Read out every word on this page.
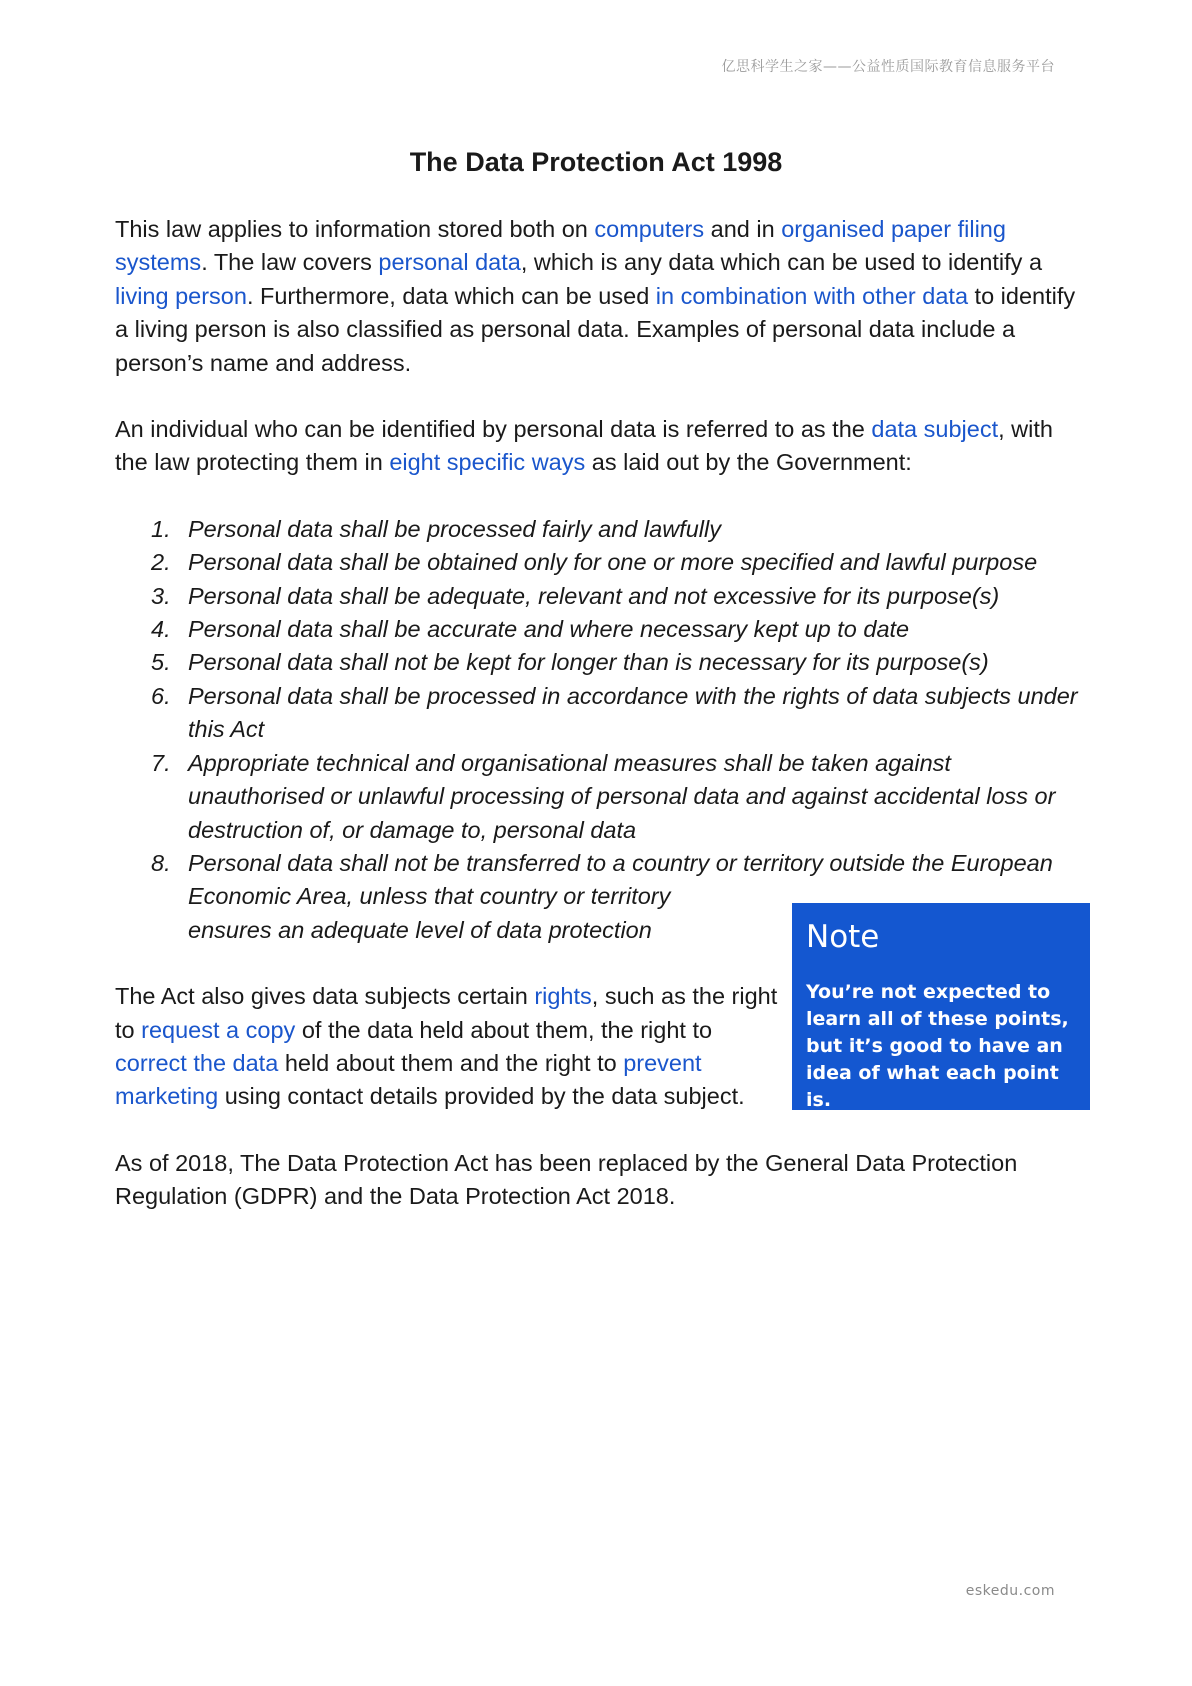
亿思科学生之家——公益性质国际教育信息服务平台
The Data Protection Act 1998

This law applies to information stored both on computers and in organised paper filing systems. The law covers personal data, which is any data which can be used to identify a living person. Furthermore, data which can be used in combination with other data to identify a living person is also classified as personal data. Examples of personal data include a person’s name and address.

An individual who can be identified by personal data is referred to as the data subject, with the law protecting them in eight specific ways as laid out by the Government:

1. Personal data shall be processed fairly and lawfully
2. Personal data shall be obtained only for one or more specified and lawful purpose
3. Personal data shall be adequate, relevant and not excessive for its purpose(s)
4. Personal data shall be accurate and where necessary kept up to date
5. Personal data shall not be kept for longer than is necessary for its purpose(s)
6. Personal data shall be processed in accordance with the rights of data subjects under this Act
7. Appropriate technical and organisational measures shall be taken against unauthorised or unlawful processing of personal data and against accidental loss or destruction of, or damage to, personal data
8. Personal data shall not be transferred to a country or territory outside the European
Economic Area, unless that country or territory ensures an adequate level of data protection

The Act also gives data subjects certain rights, such as the right to request a copy of the data held about them, the right to correct the data held about them and the right to prevent marketing using contact details provided by the data subject.

As of 2018, The Data Protection Act has been replaced by the General Data Protection Regulation (GDPR) and the Data Protection Act 2018.

Note

You’re not expected to learn all of these points, but it’s good to have an idea of what each point is.

eskedu.com
